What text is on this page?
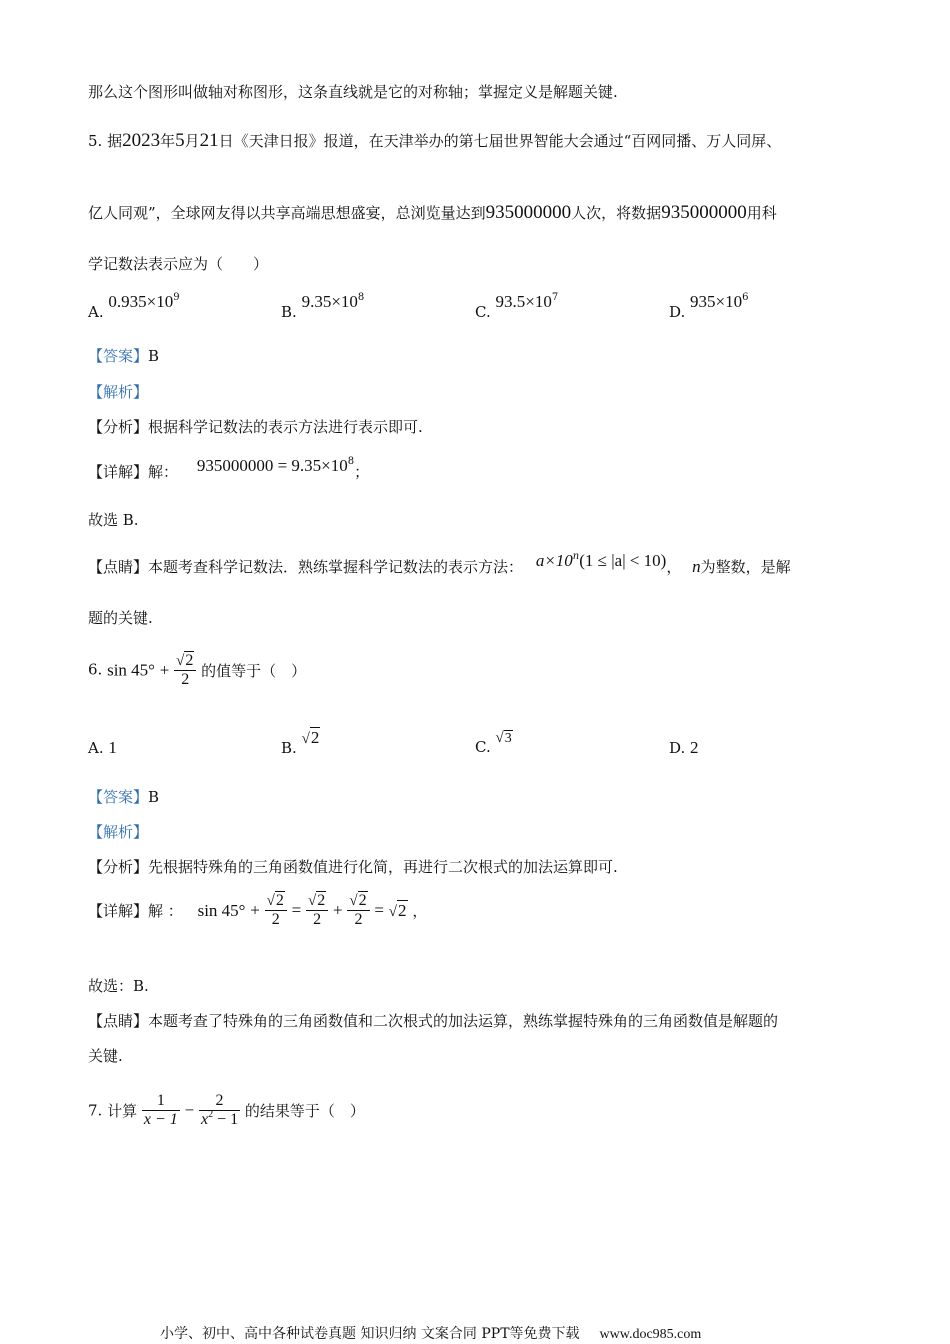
那么这个图形叫做轴对称图形，这条直线就是它的对称轴；掌握定义是解题关键.
5. 据2023年5月21日《天津日报》报道，在天津举办的第七届世界智能大会通过“百网同播、万人同屏、
亿人同观”，全球网友得以共享高端思想盛宴，总浏览量达到935000000人次，将数据935000000用科
学记数法表示应为（　　）
A. $0.935\times 10^9$
B. $9.35\times 10^8$
C. $93.5\times 10^7$
D. $935\times 10^6$
【答案】B
【解析】
【分析】根据科学记数法的表示方法进行表示即可.
【详解】解： $935000000 = 9.35\times 10^8$；
故选 B.
【点睛】本题考查科学记数法．熟练掌握科学记数法的表示方法： $a\times 10^n(1 \le |a| < 10)$， n为整数，是解
题的关键.
6. $\sin 45^\circ + \frac{√2}{2}$ 的值等于（　）
A. 1	B. √2	C. √3
D. 2
【答案】B
【解析】
【分析】先根据特殊角的三角函数值进行化简，再进行二次根式的加法运算即可.
【详解】解 ： $\sin 45^\circ + \frac{√2}{2} = \frac{√2}{2} + \frac{√2}{2} = √2$ ，
故选：B.
【点睛】本题考查了特殊角的三角函数值和二次根式的加法运算，熟练掌握特殊角的三角函数值是解题的
关键.
7. 计算 $\frac{1}{x - 1} - \frac{2}{x^2 - 1}$ 的结果等于（　）
小学、初中、高中各种试卷真题 知识归纳 文案合同 PPT等免费下载 www.doc985.com
